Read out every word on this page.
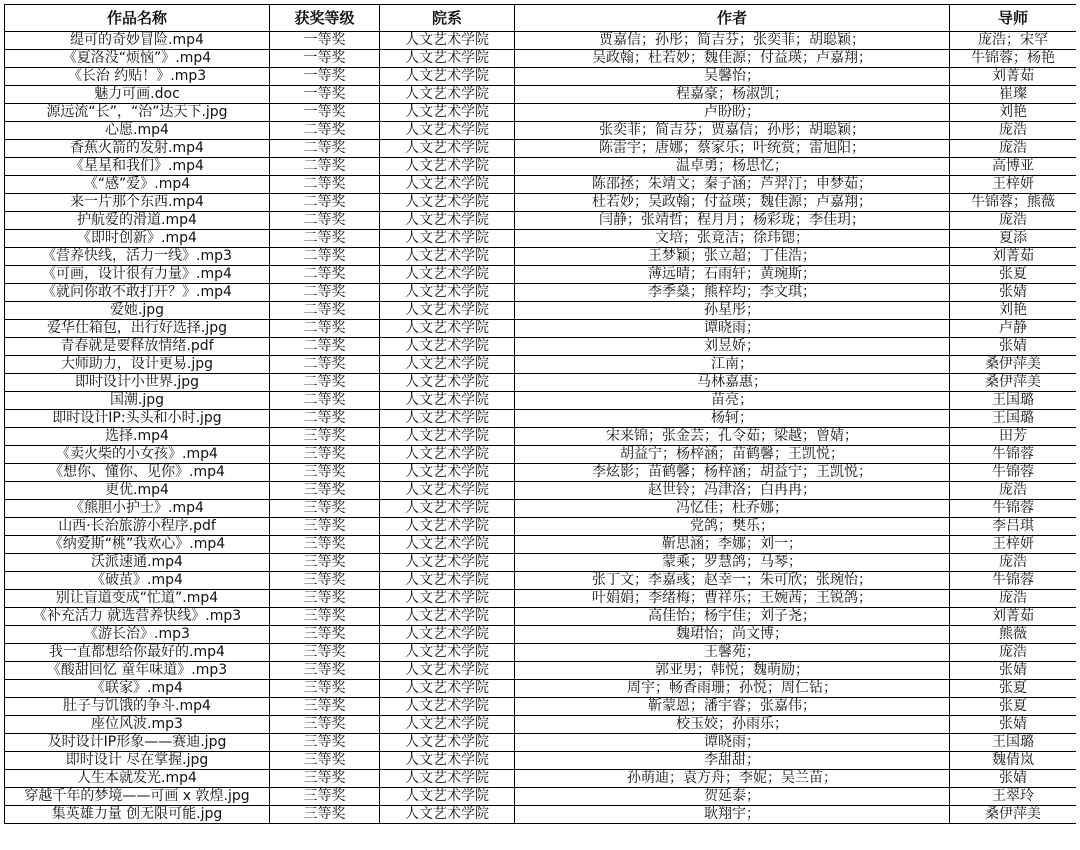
作品名称	获奖等级	院系	作者	导师
缇可的奇妙冒险.mp4	一等奖	人文艺术学院	贾嘉信；孙彤；简吉芬；张奕菲；胡聪颖；	庞浩；宋罕
《夏洛没“烦恼”》.mp4	一等奖	人文艺术学院	吴政翰；杜若妙；魏佳源；付益瑛；卢嘉翔；	牛锦蓉；杨艳
《长治 约贴！》.mp3	一等奖	人文艺术学院	吴馨怡；	刘菁茹
魅力可画.doc	一等奖	人文艺术学院	程嘉豪；杨淑凯；	崔璨
源远流“长”，“治”达天下.jpg	一等奖	人文艺术学院	卢盼盼；	刘艳
心愿.mp4	二等奖	人文艺术学院	张奕菲；简吉芬；贾嘉信；孙彤；胡聪颖；	庞浩
香蕉火箭的发射.mp4	二等奖	人文艺术学院	陈雷宇；唐娜；蔡家乐；叶统赏；雷旭阳；	庞浩
《星星和我们》.mp4	二等奖	人文艺术学院	温卓勇；杨思忆；	高博亚
《“感”爱》.mp4	二等奖	人文艺术学院	陈邵拯；朱靖文；秦子涵；芦羿汀；申梦茹；	王梓妍
来一片那个东西.mp4	二等奖	人文艺术学院	杜若妙；吴政翰；付益瑛；魏佳源；卢嘉翔；	牛锦蓉；熊薇
护航爱的滑道.mp4	二等奖	人文艺术学院	闫静；张靖哲；程月月；杨彩珑；李佳玥；	庞浩
《即时创新》.mp4	二等奖	人文艺术学院	文培；张竟洁；徐玮锶；	夏添
《营养快线，活力一线》.mp3	二等奖	人文艺术学院	王梦颖；张立超；丁佳浩；	刘菁茹
《可画，设计很有力量》.mp4	二等奖	人文艺术学院	薄远晴；石雨轩；黄琬斯；	张夏
《就问你敢不敢打开？》.mp4	二等奖	人文艺术学院	李季燊；熊梓均；李文琪；	张婧
爱她.jpg	二等奖	人文艺术学院	孙星彤；	刘艳
爱华仕箱包，出行好选择.jpg	二等奖	人文艺术学院	谭晓雨；	卢静
青春就是要释放情绪.pdf	二等奖	人文艺术学院	刘昱娇；	张婧
大师助力，设计更易.jpg	二等奖	人文艺术学院	江南；	桑伊萍美
即时设计小世界.jpg	二等奖	人文艺术学院	马林嘉惠；	桑伊萍美
国潮.jpg	二等奖	人文艺术学院	苗亮；	王国璐
即时设计IP:头头和小时.jpg	二等奖	人文艺术学院	杨轲；	王国璐
选择.mp4	三等奖	人文艺术学院	宋来锦；张金芸；孔令茹；梁越；曾婧；	田芳
《卖火柴的小女孩》.mp4	三等奖	人文艺术学院	胡益宁；杨梓涵；苗鹤馨；王凯悦；	牛锦蓉
《想你、懂你、见你》.mp4	三等奖	人文艺术学院	李炫影；苗鹤馨；杨梓涵；胡益宁；王凯悦；	牛锦蓉
更优.mp4	三等奖	人文艺术学院	赵世铃；冯津洛；白冉冉；	庞浩
《熊胆小护士》.mp4	三等奖	人文艺术学院	冯忆佳；杜乔娜；	牛锦蓉
山西·长治旅游小程序.pdf	三等奖	人文艺术学院	党鸽；樊乐；	李吕琪
《纳爱斯“桃”我欢心》.mp4	三等奖	人文艺术学院	靳思涵；李娜；刘一；	王梓妍
沃派速通.mp4	三等奖	人文艺术学院	蒙乘；罗慧鸽；马琴；	庞浩
《破茧》.mp4	三等奖	人文艺术学院	张丁文；李嘉彧；赵幸一；朱可欣；张琬怡；	牛锦蓉
别让盲道变成“忙道”.mp4	三等奖	人文艺术学院	叶娟娟；李绪梅；曹祥乐；王婉茜；王锐鸽；	庞浩
《补充活力 就选营养快线》.mp3	三等奖	人文艺术学院	高佳怡；杨宇佳；刘子尧；	刘菁茹
《游长治》.mp3	三等奖	人文艺术学院	魏珺怡；尚文博；	熊薇
我一直都想给你最好的.mp4	三等奖	人文艺术学院	王馨苑；	庞浩
《酸甜回忆 童年味道》.mp3	三等奖	人文艺术学院	郭亚男；韩悦；魏萌励；	张婧
《联家》.mp4	三等奖	人文艺术学院	周宇；畅香雨珊；孙悦；周仁钻；	张夏
肚子与饥饿的争斗.mp4	三等奖	人文艺术学院	靳蒙恩；潘宇睿；张嘉伟；	张夏
座位风波.mp3	三等奖	人文艺术学院	校玉姣；孙雨乐；	张婧
及时设计IP形象——赛迪.jpg	三等奖	人文艺术学院	谭晓雨；	王国璐
即时设计 尽在掌握.jpg	三等奖	人文艺术学院	李甜甜；	魏倩岚
人生本就发光.mp4	三等奖	人文艺术学院	孙萌迪；袁方舟；李妮；吴兰苗；	张婧
穿越千年的梦境——可画 x 敦煌.jpg	三等奖	人文艺术学院	贺延泰；	王翠玲
集英雄力量 创无限可能.jpg	三等奖	人文艺术学院	耿翔宇；	桑伊萍美
